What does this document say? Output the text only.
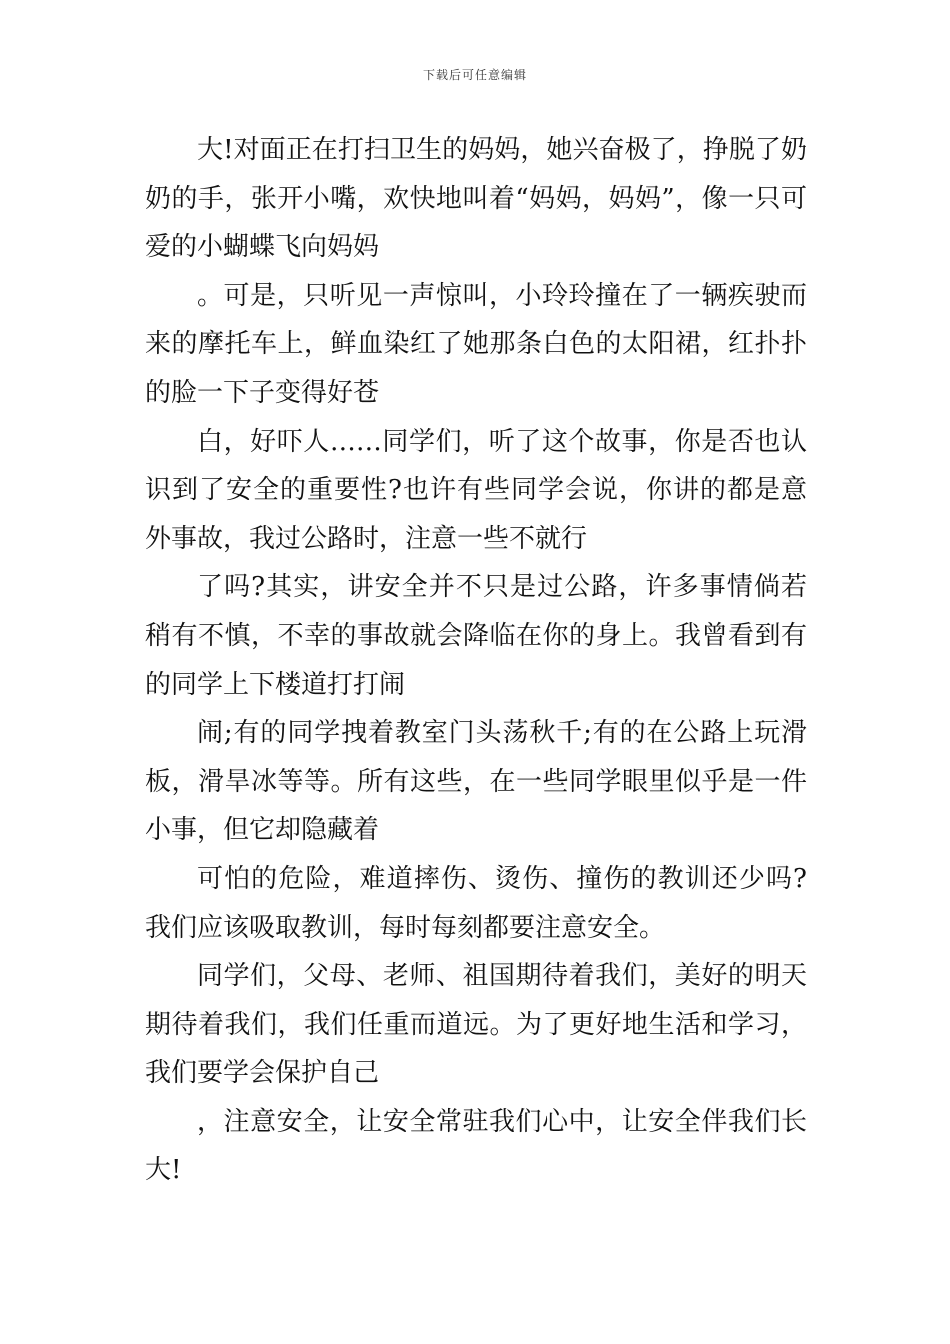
下载后可任意编辑

大!对面正在打扫卫生的妈妈，她兴奋极了，挣脱了奶奶的手，张开小嘴，欢快地叫着“妈妈，妈妈”，像一只可爱的小蝴蝶飞向妈妈

。可是，只听见一声惊叫，小玲玲撞在了一辆疾驶而来的摩托车上，鲜血染红了她那条白色的太阳裙，红扑扑的脸一下子变得好苍

白，好吓人……同学们，听了这个故事，你是否也认识到了安全的重要性?也许有些同学会说，你讲的都是意外事故，我过公路时，注意一些不就行

了吗?其实，讲安全并不只是过公路，许多事情倘若稍有不慎，不幸的事故就会降临在你的身上。我曾看到有的同学上下楼道打打闹

闹;有的同学拽着教室门头荡秋千;有的在公路上玩滑板，滑旱冰等等。所有这些，在一些同学眼里似乎是一件小事，但它却隐藏着

可怕的危险，难道摔伤、烫伤、撞伤的教训还少吗?我们应该吸取教训，每时每刻都要注意安全。

同学们，父母、老师、祖国期待着我们，美好的明天期待着我们，我们任重而道远。为了更好地生活和学习，我们要学会保护自己

，注意安全，让安全常驻我们心中，让安全伴我们长大!
